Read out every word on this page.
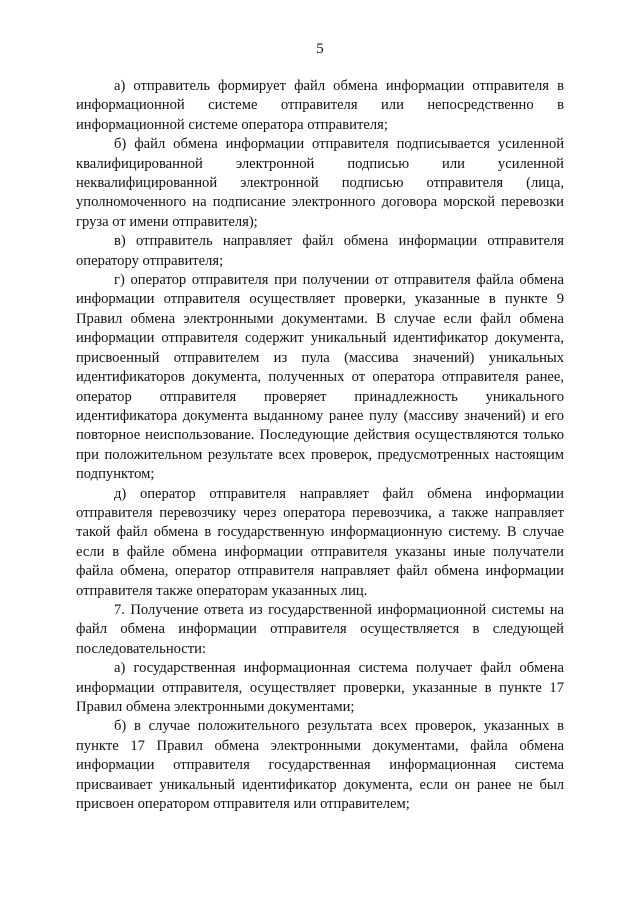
5

а) отправитель формирует файл обмена информации отправителя в информационной системе отправителя или непосредственно в информационной системе оператора отправителя;

б) файл обмена информации отправителя подписывается усиленной квалифицированной электронной подписью или усиленной неквалифицированной электронной подписью отправителя (лица, уполномоченного на подписание электронного договора морской перевозки груза от имени отправителя);

в) отправитель направляет файл обмена информации отправителя оператору отправителя;

г) оператор отправителя при получении от отправителя файла обмена информации отправителя осуществляет проверки, указанные в пункте 9 Правил обмена электронными документами. В случае если файл обмена информации отправителя содержит уникальный идентификатор документа, присвоенный отправителем из пула (массива значений) уникальных идентификаторов документа, полученных от оператора отправителя ранее, оператор отправителя проверяет принадлежность уникального идентификатора документа выданному ранее пулу (массиву значений) и его повторное неиспользование. Последующие действия осуществляются только при положительном результате всех проверок, предусмотренных настоящим подпунктом;

д) оператор отправителя направляет файл обмена информации отправителя перевозчику через оператора перевозчика, а также направляет такой файл обмена в государственную информационную систему. В случае если в файле обмена информации отправителя указаны иные получатели файла обмена, оператор отправителя направляет файл обмена информации отправителя также операторам указанных лиц.

7. Получение ответа из государственной информационной системы на файл обмена информации отправителя осуществляется в следующей последовательности:

а) государственная информационная система получает файл обмена информации отправителя, осуществляет проверки, указанные в пункте 17 Правил обмена электронными документами;

б) в случае положительного результата всех проверок, указанных в пункте 17 Правил обмена электронными документами, файла обмена информации отправителя государственная информационная система присваивает уникальный идентификатор документа, если он ранее не был присвоен оператором отправителя или отправителем;
